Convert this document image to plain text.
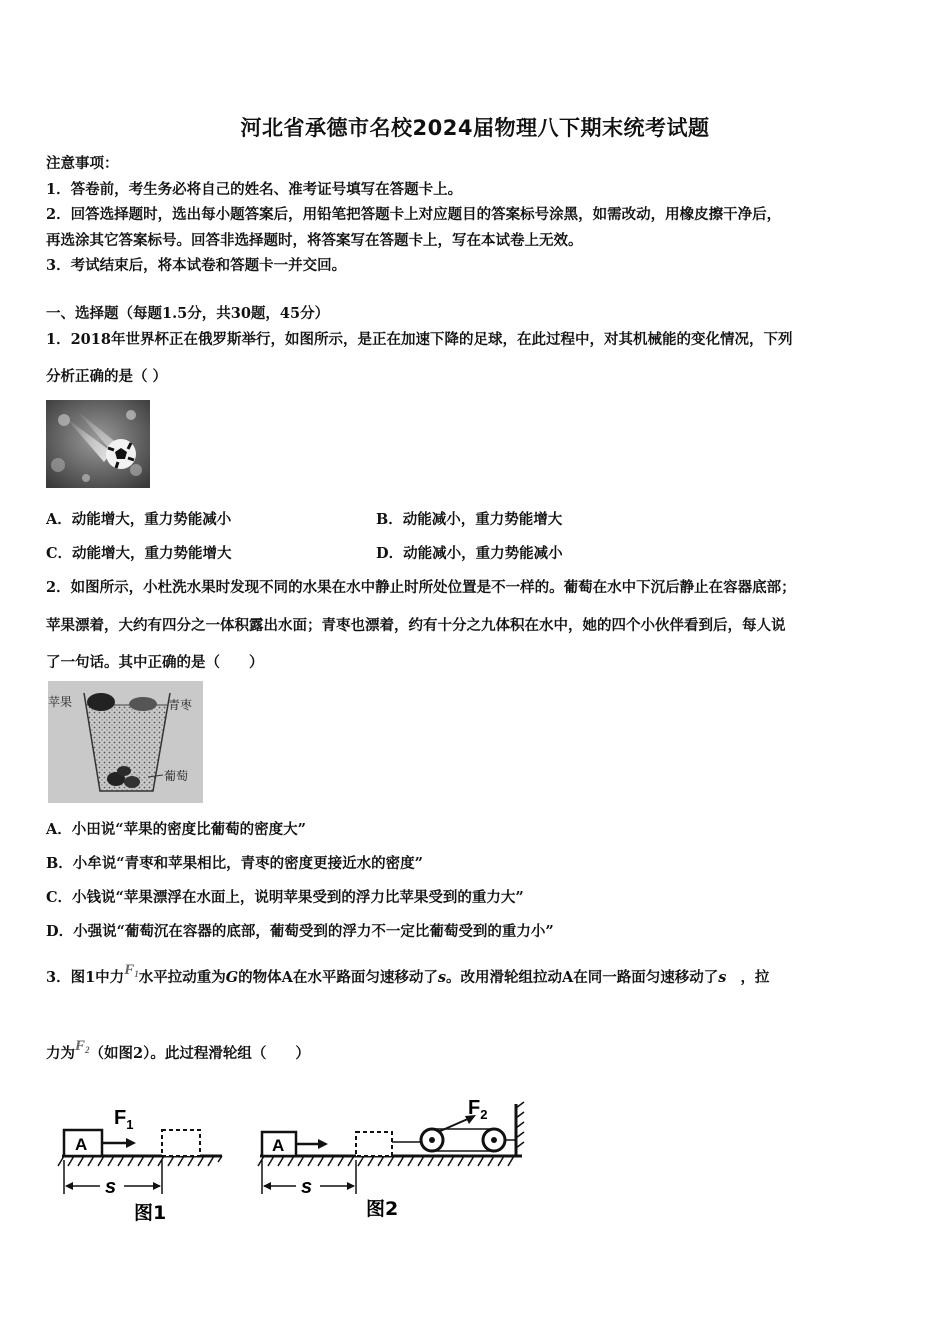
河北省承德市名校2024届物理八下期末统考试题
注意事项：
1．答卷前，考生务必将自己的姓名、准考证号填写在答题卡上。
2．回答选择题时，选出每小题答案后，用铅笔把答题卡上对应题目的答案标号涂黑，如需改动，用橡皮擦干净后，
再选涂其它答案标号。回答非选择题时，将答案写在答题卡上，写在本试卷上无效。
3．考试结束后，将本试卷和答题卡一并交回。
一、选择题（每题1.5分，共30题，45分）
1．2018年世界杯正在俄罗斯举行，如图所示，是正在加速下降的足球，在此过程中，对其机械能的变化情况，下列
分析正确的是（ ）
A．动能增大，重力势能减小	B．动能减小，重力势能增大
C．动能增大，重力势能增大	D．动能减小，重力势能减小
2．如图所示，小杜洗水果时发现不同的水果在水中静止时所处位置是不一样的。葡萄在水中下沉后静止在容器底部；
苹果漂着，大约有四分之一体积露出水面；青枣也漂着，约有十分之九体积在水中，她的四个小伙伴看到后，每人说
了一句话。其中正确的是（　　）
苹果	青枣
葡萄
A．小田说“苹果的密度比葡萄的密度大”
B．小牟说“青枣和苹果相比，青枣的密度更接近水的密度”
C．小钱说“苹果漂浮在水面上，说明苹果受到的浮力比苹果受到的重力大”
D．小强说“葡萄沉在容器的底部，葡萄受到的浮力不一定比葡萄受到的重力小”
3．图1中力$F_1$水平拉动重为G的物体A在水平路面匀速移动了s。改用滑轮组拉动A在同一路面匀速移动了s ，拉
力为$F_2$（如图2）。此过程滑轮组（　　）
A
$F_1$
s
图1
A
$F_2$
s
图2
